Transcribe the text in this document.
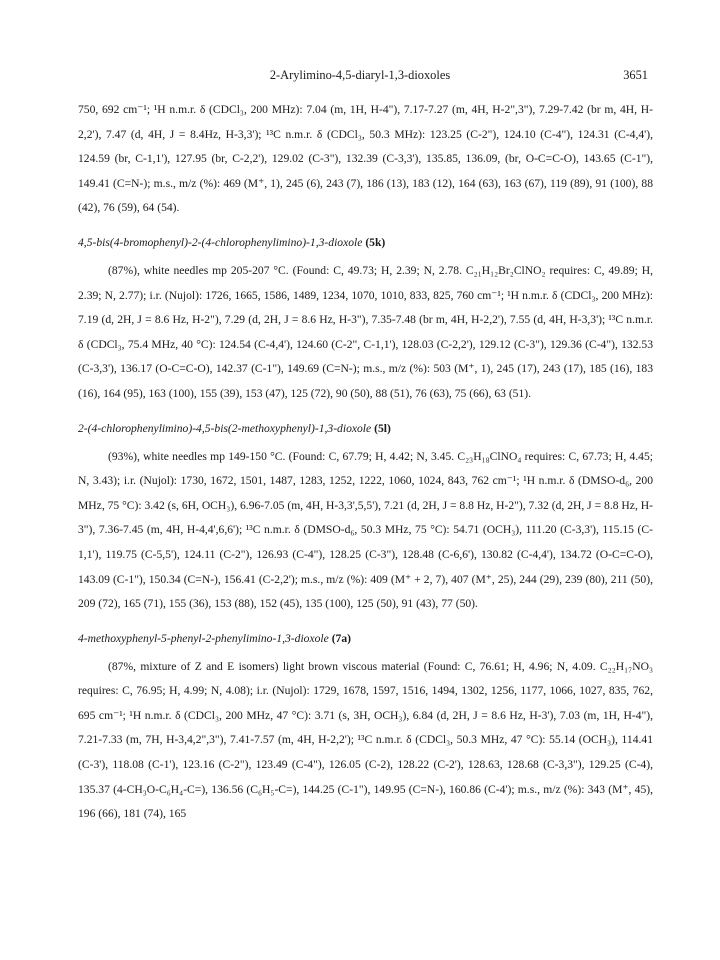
2-Arylimino-4,5-diaryl-1,3-dioxoles	3651

750, 692 cm⁻¹; ¹H n.m.r. δ (CDCl₃, 200 MHz): 7.04 (m, 1H, H-4"), 7.17-7.27 (m, 4H, H-2",3"), 7.29-7.42 (br m, 4H, H-2,2'), 7.47 (d, 4H, J = 8.4Hz, H-3,3'); ¹³C n.m.r. δ (CDCl₃, 50.3 MHz): 123.25 (C-2"), 124.10 (C-4"), 124.31 (C-4,4'), 124.59 (br, C-1,1'), 127.95 (br, C-2,2'), 129.02 (C-3"), 132.39 (C-3,3'), 135.85, 136.09, (br, O-C=C-O), 143.65 (C-1"), 149.41 (C=N-); m.s., m/z (%): 469 (M⁺, 1), 245 (6), 243 (7), 186 (13), 183 (12), 164 (63), 163 (67), 119 (89), 91 (100), 88 (42), 76 (59), 64 (54).

4,5-bis(4-bromophenyl)-2-(4-chlorophenylimino)-1,3-dioxole (5k)

(87%), white needles mp 205-207 °C. (Found: C, 49.73; H, 2.39; N, 2.78. C₂₁H₁₂Br₂ClNO₂ requires: C, 49.89; H, 2.39; N, 2.77); i.r. (Nujol): 1726, 1665, 1586, 1489, 1234, 1070, 1010, 833, 825, 760 cm⁻¹; ¹H n.m.r. δ (CDCl₃, 200 MHz): 7.19 (d, 2H, J = 8.6 Hz, H-2"), 7.29 (d, 2H, J = 8.6 Hz, H-3"), 7.35-7.48 (br m, 4H, H-2,2'), 7.55 (d, 4H, H-3,3'); ¹³C n.m.r. δ (CDCl₃, 75.4 MHz, 40 °C): 124.54 (C-4,4'), 124.60 (C-2", C-1,1'), 128.03 (C-2,2'), 129.12 (C-3"), 129.36 (C-4"), 132.53 (C-3,3'), 136.17 (O-C=C-O), 142.37 (C-1"), 149.69 (C=N-); m.s., m/z (%): 503 (M⁺, 1), 245 (17), 243 (17), 185 (16), 183 (16), 164 (95), 163 (100), 155 (39), 153 (47), 125 (72), 90 (50), 88 (51), 76 (63), 75 (66), 63 (51).

2-(4-chlorophenylimino)-4,5-bis(2-methoxyphenyl)-1,3-dioxole (5l)

(93%), white needles mp 149-150 °C. (Found: C, 67.79; H, 4.42; N, 3.45. C₂₃H₁₈ClNO₄ requires: C, 67.73; H, 4.45; N, 3.43); i.r. (Nujol): 1730, 1672, 1501, 1487, 1283, 1252, 1222, 1060, 1024, 843, 762 cm⁻¹; ¹H n.m.r. δ (DMSO-d₆, 200 MHz, 75 °C): 3.42 (s, 6H, OCH₃), 6.96-7.05 (m, 4H, H-3,3',5,5'), 7.21 (d, 2H, J = 8.8 Hz, H-2"), 7.32 (d, 2H, J = 8.8 Hz, H-3"), 7.36-7.45 (m, 4H, H-4,4',6,6'); ¹³C n.m.r. δ (DMSO-d₆, 50.3 MHz, 75 °C): 54.71 (OCH₃), 111.20 (C-3,3'), 115.15 (C-1,1'), 119.75 (C-5,5'), 124.11 (C-2"), 126.93 (C-4"), 128.25 (C-3"), 128.48 (C-6,6'), 130.82 (C-4,4'), 134.72 (O-C=C-O), 143.09 (C-1"), 150.34 (C=N-), 156.41 (C-2,2'); m.s., m/z (%): 409 (M⁺ + 2, 7), 407 (M⁺, 25), 244 (29), 239 (80), 211 (50), 209 (72), 165 (71), 155 (36), 153 (88), 152 (45), 135 (100), 125 (50), 91 (43), 77 (50).

4-methoxyphenyl-5-phenyl-2-phenylimino-1,3-dioxole (7a)

(87%, mixture of Z and E isomers) light brown viscous material (Found: C, 76.61; H, 4.96; N, 4.09. C₂₂H₁₇NO₃ requires: C, 76.95; H, 4.99; N, 4.08); i.r. (Nujol): 1729, 1678, 1597, 1516, 1494, 1302, 1256, 1177, 1066, 1027, 835, 762, 695 cm⁻¹; ¹H n.m.r. δ (CDCl₃, 200 MHz, 47 °C): 3.71 (s, 3H, OCH₃), 6.84 (d, 2H, J = 8.6 Hz, H-3'), 7.03 (m, 1H, H-4"), 7.21-7.33 (m, 7H, H-3,4,2",3"), 7.41-7.57 (m, 4H, H-2,2'); ¹³C n.m.r. δ (CDCl₃, 50.3 MHz, 47 °C): 55.14 (OCH₃), 114.41 (C-3'), 118.08 (C-1'), 123.16 (C-2"), 123.49 (C-4"), 126.05 (C-2), 128.22 (C-2'), 128.63, 128.68 (C-3,3"), 129.25 (C-4), 135.37 (4-CH₃O-C₆H₄-C=), 136.56 (C₆H₅-C=), 144.25 (C-1"), 149.95 (C=N-), 160.86 (C-4'); m.s., m/z (%): 343 (M⁺, 45), 196 (66), 181 (74), 165
